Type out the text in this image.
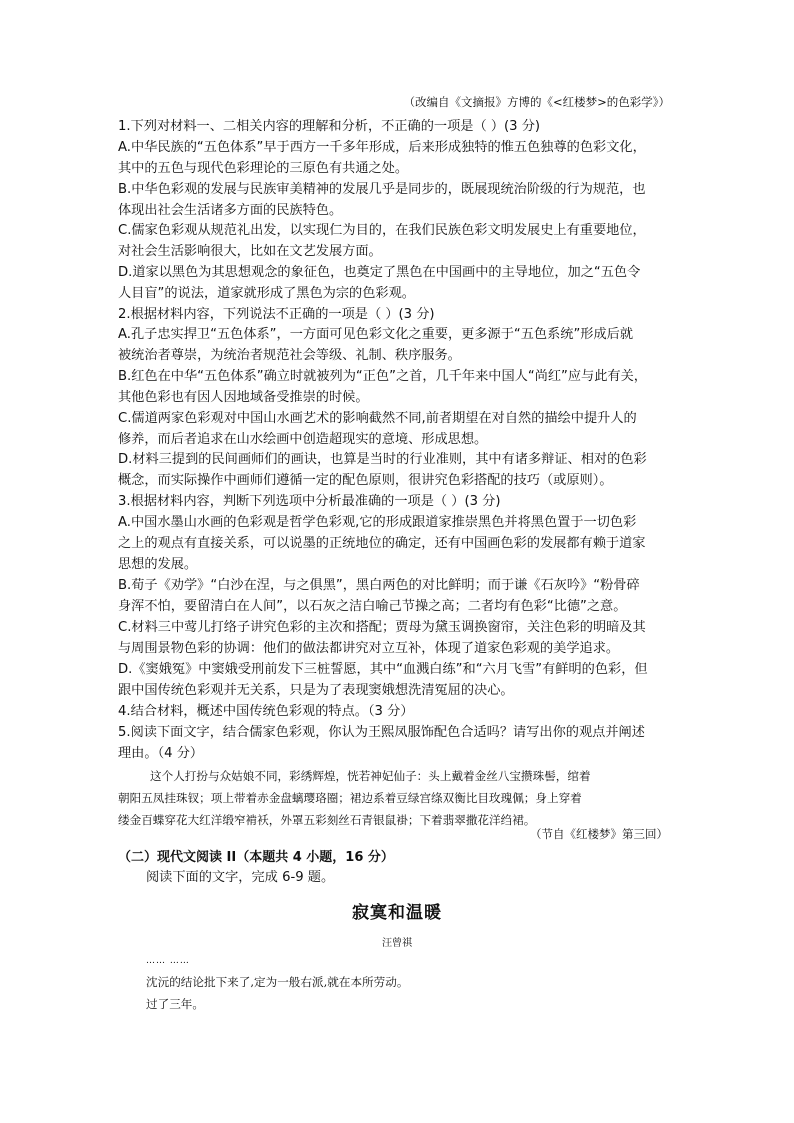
（改编自《文摘报》方博的《<红楼梦>的色彩学》）
1.下列对材料一、二相关内容的理解和分析，不正确的一项是（ ）(3 分)
A.中华民族的“五色体系”早于西方一千多年形成，后来形成独特的惟五色独尊的色彩文化，
其中的五色与现代色彩理论的三原色有共通之处。
B.中华色彩观的发展与民族审美精神的发展几乎是同步的，既展现统治阶级的行为规范，也
体现出社会生活诸多方面的民族特色。
C.儒家色彩观从规范礼出发，以实现仁为目的，在我们民族色彩文明发展史上有重要地位，
对社会生活影响很大，比如在文艺发展方面。
D.道家以黑色为其思想观念的象征色，也奠定了黑色在中国画中的主导地位，加之“五色令
人目盲”的说法，道家就形成了黑色为宗的色彩观。
2.根据材料内容，下列说法不正确的一项是（ ）(3 分)
A.孔子忠实捍卫“五色体系”，一方面可见色彩文化之重要，更多源于“五色系统”形成后就
被统治者尊崇，为统治者规范社会等级、礼制、秩序服务。
B.红色在中华“五色体系”确立时就被列为“正色”之首，几千年来中国人“尚红”应与此有关，
其他色彩也有因人因地域备受推崇的时候。
C.儒道两家色彩观对中国山水画艺术的影响截然不同,前者期望在对自然的描绘中提升人的
修养，而后者追求在山水绘画中创造超现实的意境、形成思想。
D.材料三提到的民间画师们的画诀，也算是当时的行业准则，其中有诸多辩证、相对的色彩
概念，而实际操作中画师们遵循一定的配色原则，很讲究色彩搭配的技巧（或原则）。
3.根据材料内容，判断下列选项中分析最准确的一项是（ ）(3 分)
A.中国水墨山水画的色彩观是哲学色彩观,它的形成跟道家推崇黑色并将黑色置于一切色彩
之上的观点有直接关系，可以说墨的正统地位的确定，还有中国画色彩的发展都有赖于道家
思想的发展。
B.荀子《劝学》“白沙在涅，与之俱黑”，黑白两色的对比鲜明；而于谦《石灰吟》“粉骨碎
身浑不怕，要留清白在人间”，以石灰之洁白喻己节操之高；二者均有色彩“比德”之意。
C.材料三中莺儿打络子讲究色彩的主次和搭配；贾母为黛玉调换窗帘，关注色彩的明暗及其
与周围景物色彩的协调：他们的做法都讲究对立互补，体现了道家色彩观的美学追求。
D.《窦娥冤》中窦娥受刑前发下三桩誓愿，其中“血溅白练”和“六月飞雪”有鲜明的色彩，但
跟中国传统色彩观并无关系，只是为了表现窦娥想洗清冤屈的决心。
4.结合材料，概述中国传统色彩观的特点。（3 分）
5.阅读下面文字，结合儒家色彩观，你认为王熙凤服饰配色合适吗？请写出你的观点并阐述
理由。（4 分）
这个人打扮与众姑娘不同，彩绣辉煌，恍若神妃仙子：头上戴着金丝八宝攒珠髻，绾着
朝阳五凤挂珠钗；项上带着赤金盘螭璎珞圈；裙边系着豆绿宫绦双衡比目玫瑰佩；身上穿着
缕金百蝶穿花大红洋缎窄褃袄，外罩五彩刻丝石青银鼠褂；下着翡翠撒花洋绉裙。
（节自《红楼梦》第三回）
（二）现代文阅读 II（本题共 4 小题，16 分）
阅读下面的文字，完成 6-9 题。
寂寞和温暖
汪曾祺
…… ……
沈沅的结论批下来了,定为一般右派,就在本所劳动。
过了三年。
